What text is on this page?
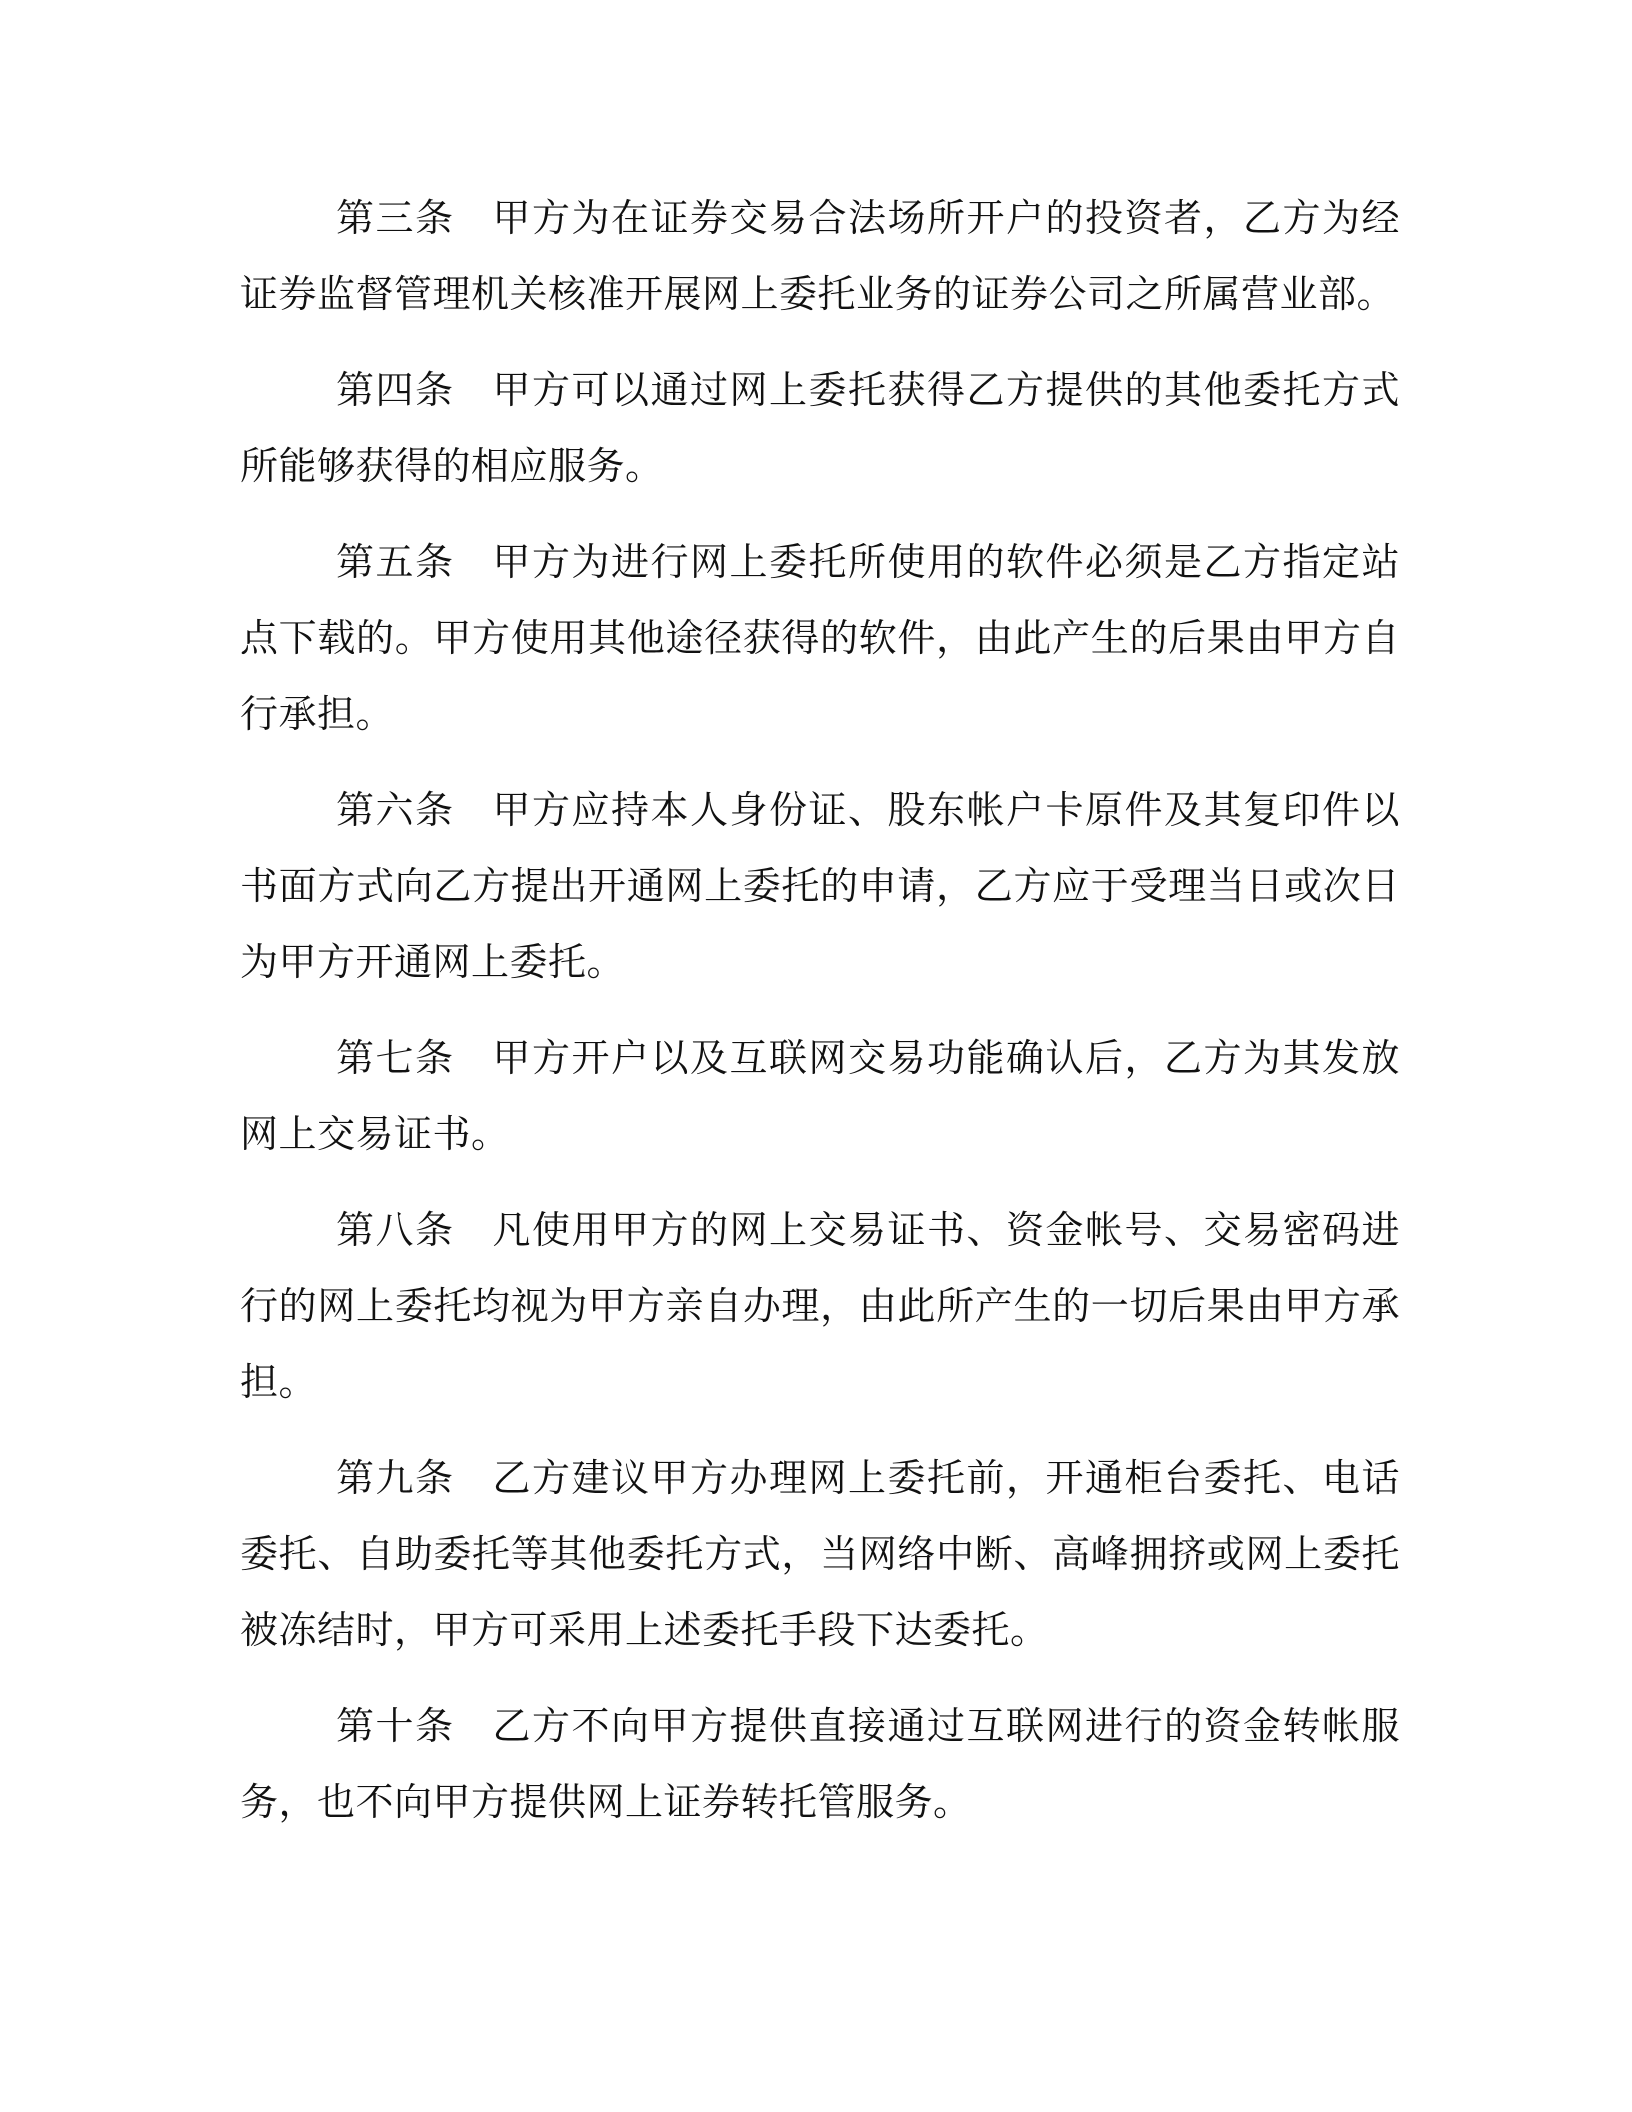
第三条 甲方为在证券交易合法场所开户的投资者，乙方为经证券监督管理机关核准开展网上委托业务的证券公司之所属营业部。

第四条 甲方可以通过网上委托获得乙方提供的其他委托方式所能够获得的相应服务。

第五条 甲方为进行网上委托所使用的软件必须是乙方指定站点下载的。甲方使用其他途径获得的软件，由此产生的后果由甲方自行承担。

第六条 甲方应持本人身份证、股东帐户卡原件及其复印件以书面方式向乙方提出开通网上委托的申请，乙方应于受理当日或次日为甲方开通网上委托。

第七条 甲方开户以及互联网交易功能确认后，乙方为其发放网上交易证书。

第八条 凡使用甲方的网上交易证书、资金帐号、交易密码进行的网上委托均视为甲方亲自办理，由此所产生的一切后果由甲方承担。

第九条 乙方建议甲方办理网上委托前，开通柜台委托、电话委托、自助委托等其他委托方式，当网络中断、高峰拥挤或网上委托被冻结时，甲方可采用上述委托手段下达委托。

第十条 乙方不向甲方提供直接通过互联网进行的资金转帐服务，也不向甲方提供网上证券转托管服务。
